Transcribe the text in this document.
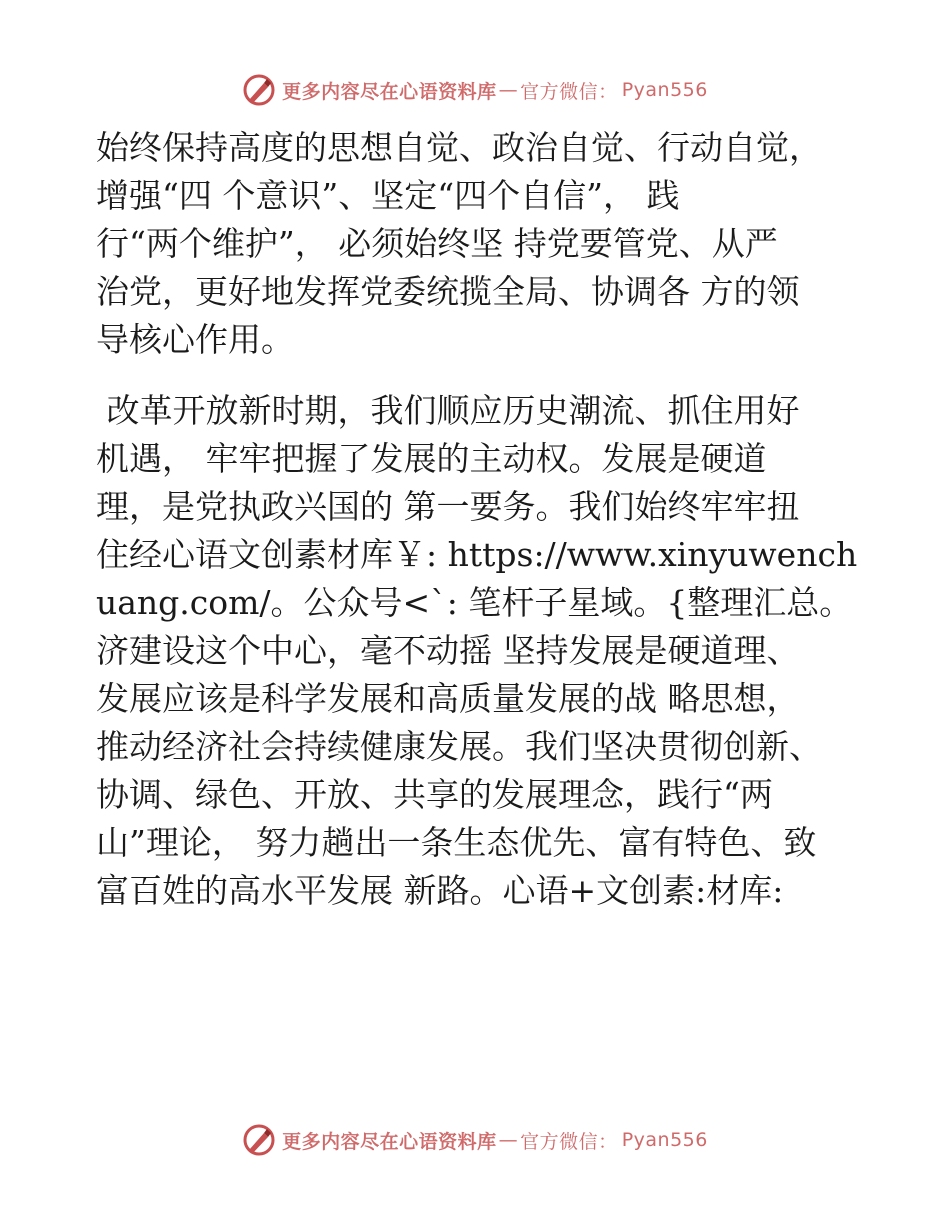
更多内容尽在心语资料库 — 官方微信： Pyan556
始终保持高度的思想自觉、政治自觉、行动自觉，
增强“四 个意识”、坚定“四个自信”， 践
行“两个维护”， 必须始终坚 持党要管党、从严
治党，更好地发挥党委统揽全局、协调各 方的领
导核心作用。
改革开放新时期，我们顺应历史潮流、抓住用好
机遇， 牢牢把握了发展的主动权。发展是硬道
理，是党执政兴国的 第一要务。我们始终牢牢扭
住经心语文创素材库￥: https://www.xinyuwench
uang.com/。公众号<`: 笔杆子星域。{整理汇总。
济建设这个中心，毫不动摇 坚持发展是硬道理、
发展应该是科学发展和高质量发展的战 略思想，
推动经济社会持续健康发展。我们坚决贯彻创新、
协调、绿色、开放、共享的发展理念，践行“两
山”理论， 努力趟出一条生态优先、富有特色、致
富百姓的高水平发展 新路。心语+文创素:材库:
更多内容尽在心语资料库 — 官方微信： Pyan556
